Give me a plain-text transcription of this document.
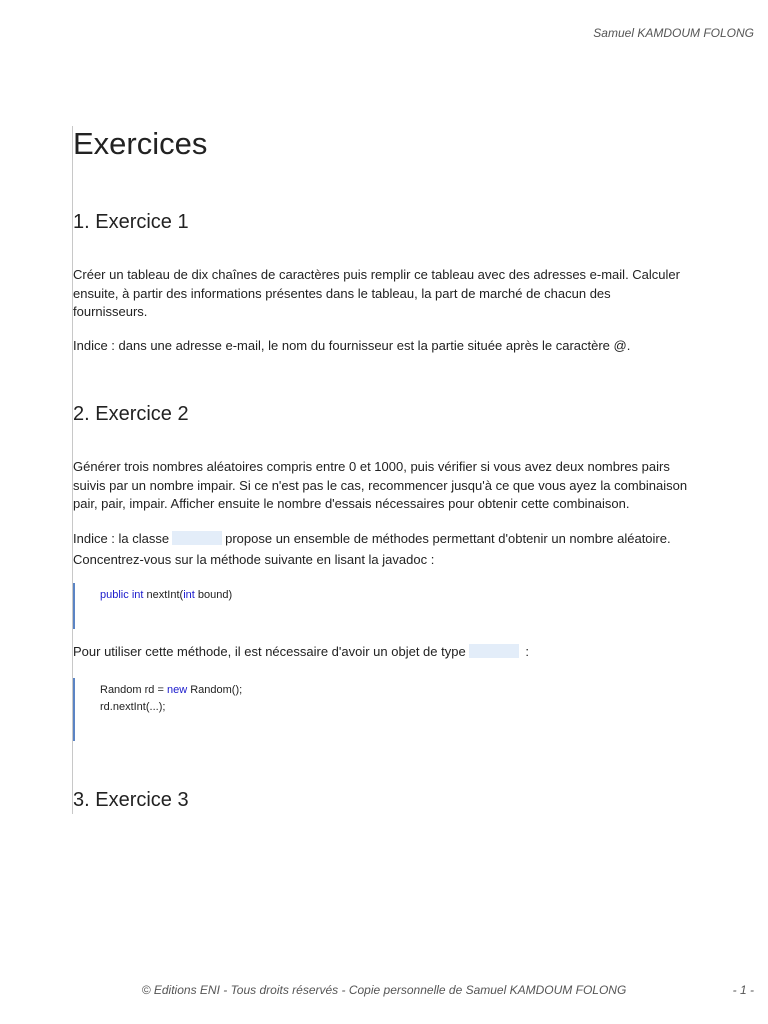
Samuel KAMDOUM FOLONG
Exercices
1. Exercice 1
Créer un tableau de dix chaînes de caractères puis remplir ce tableau avec des adresses e-mail. Calculer
ensuite, à partir des informations présentes dans le tableau, la part de marché de chacun des
fournisseurs.
Indice : dans une adresse e-mail, le nom du fournisseur est la partie située après le caractère @.
2. Exercice 2
Générer trois nombres aléatoires compris entre 0 et 1000, puis vérifier si vous avez deux nombres pairs
suivis par un nombre impair. Si ce n'est pas le cas, recommencer jusqu'à ce que vous ayez la combinaison
pair, pair, impair. Afficher ensuite le nombre d'essais nécessaires pour obtenir cette combinaison.
Indice : la classe	propose un ensemble de méthodes permettant d'obtenir un nombre aléatoire.
Concentrez-vous sur la méthode suivante en lisant la javadoc :
public int nextInt(int bound)
Pour utiliser cette méthode, il est nécessaire d'avoir un objet de type	:
Random rd = new Random();
rd.nextInt(...);
3. Exercice 3
© Editions ENI - Tous droits réservés - Copie personnelle de Samuel KAMDOUM FOLONG	- 1 -
